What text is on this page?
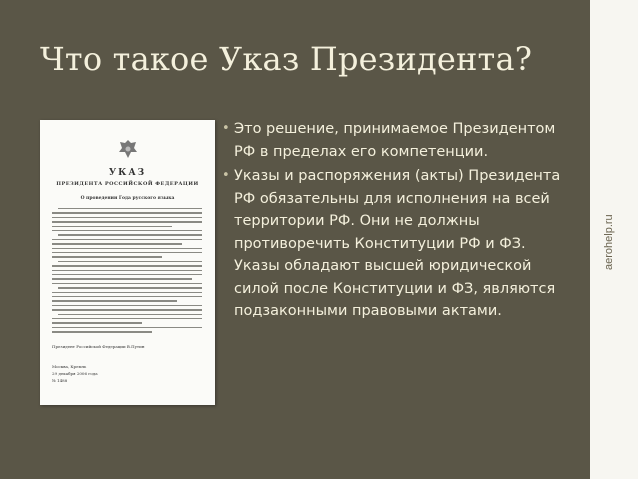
Что такое Указ Президента?
УКАЗ
ПРЕЗИДЕНТА РОССИЙСКОЙ ФЕДЕРАЦИИ
О проведении Года русского языка
Президент Российской Федерации В.Путин
Москва, Кремль
29 декабря 2006 года
№ 1488
• Это решение, принимаемое Президентом РФ в пределах его компетенции.
• Указы и распоряжения (акты) Президента РФ обязательны для исполнения на всей территории РФ. Они не должны противоречить Конституции РФ и ФЗ. Указы обладают высшей юридической силой после Конституции и ФЗ, являются подзаконными правовыми актами.
aerohelp.ru
